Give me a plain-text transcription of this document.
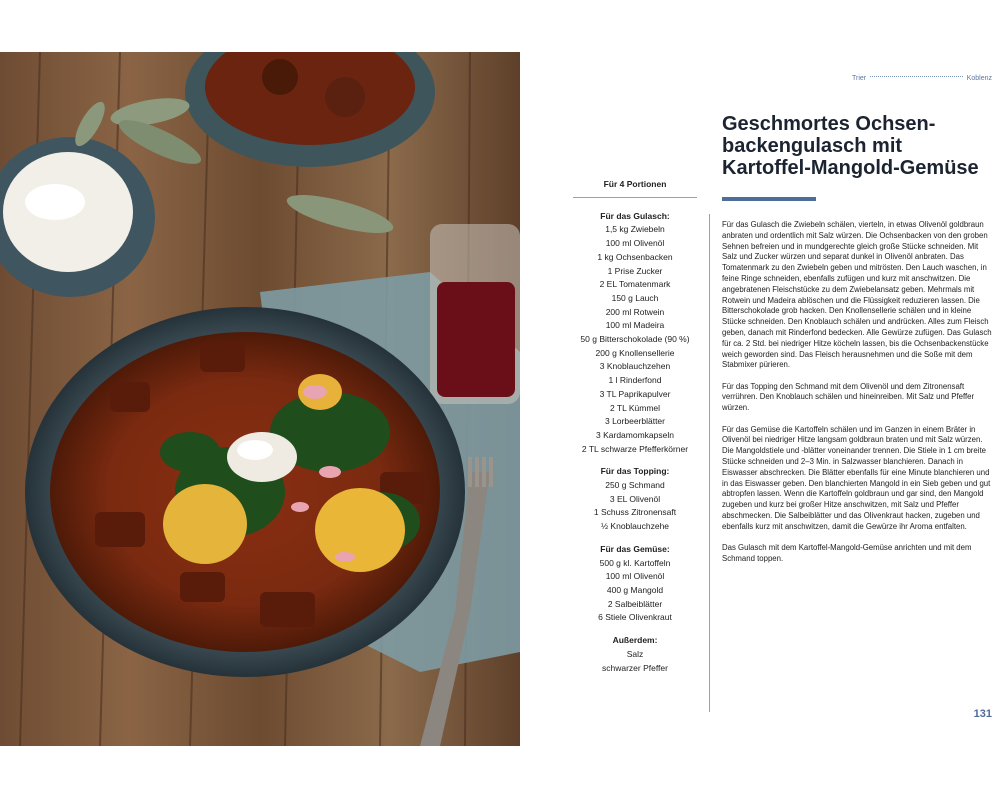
Trier	Koblenz
Geschmortes Ochsenbackengulasch mit Kartoffel-Mangold-Gemüse
Für 4 Portionen
Für das Gulasch:
1,5 kg Zwiebeln
100 ml Olivenöl
1 kg Ochsenbacken
1 Prise Zucker
2 EL Tomatenmark
150 g Lauch
200 ml Rotwein
100 ml Madeira
50 g Bitterschokolade (90 %)
200 g Knollensellerie
3 Knoblauchzehen
1 l Rinderfond
3 TL Paprikapulver
2 TL Kümmel
3 Lorbeerblätter
3 Kardamomkapseln
2 TL schwarze Pfefferkörner
Für das Topping:
250 g Schmand
3 EL Olivenöl
1 Schuss Zitronensaft
½ Knoblauchzehe
Für das Gemüse:
500 g kl. Kartoffeln
100 ml Olivenöl
400 g Mangold
2 Salbeiblätter
6 Stiele Olivenkraut
Außerdem:
Salz
schwarzer Pfeffer

Für das Gulasch die Zwiebeln schälen, vierteln, in etwas Olivenöl goldbraun anbraten und ordentlich mit Salz würzen. Die Ochsenbacken von den groben Sehnen befreien und in mundgerechte gleich große Stücke schneiden. Mit Salz und Zucker würzen und separat dunkel in Olivenöl anbraten. Das Tomatenmark zu den Zwiebeln geben und mitrösten. Den Lauch waschen, in feine Ringe schneiden, ebenfalls zufügen und kurz mit anschwitzen. Die angebratenen Fleischstücke zu dem Zwiebelansatz geben. Mehrmals mit Rotwein und Madeira ablöschen und die Flüssigkeit reduzieren lassen. Die Bitterschokolade grob hacken. Den Knollensellerie schälen und in kleine Stücke schneiden. Den Knoblauch schälen und andrücken. Alles zum Fleisch geben, danach mit Rinderfond bedecken. Alle Gewürze zufügen. Das Gulasch für ca. 2 Std. bei niedriger Hitze köcheln lassen, bis die Ochsenbackenstücke weich geworden sind. Das Fleisch herausnehmen und die Soße mit dem Stabmixer pürieren.

Für das Topping den Schmand mit dem Olivenöl und dem Zitronensaft verrühren. Den Knoblauch schälen und hineinreiben. Mit Salz und Pfeffer würzen.

Für das Gemüse die Kartoffeln schälen und im Ganzen in einem Bräter in Olivenöl bei niedriger Hitze langsam goldbraun braten und mit Salz würzen. Die Mangoldstiele und -blätter voneinander trennen. Die Stiele in 1 cm breite Stücke schneiden und 2–3 Min. in Salzwasser blanchieren. Danach in Eiswasser abschrecken. Die Blätter ebenfalls für eine Minute blanchieren und in das Eiswasser geben. Den blanchierten Mangold in ein Sieb geben und gut abtropfen lassen. Wenn die Kartoffeln goldbraun und gar sind, den Mangold zugeben und kurz bei großer Hitze anschwitzen, mit Salz und Pfeffer abschmecken. Die Salbeiblätter und das Olivenkraut hacken, zugeben und ebenfalls kurz mit anschwitzen, damit die Gewürze ihr Aroma entfalten.

Das Gulasch mit dem Kartoffel-Mangold-Gemüse anrichten und mit dem Schmand toppen.

131
